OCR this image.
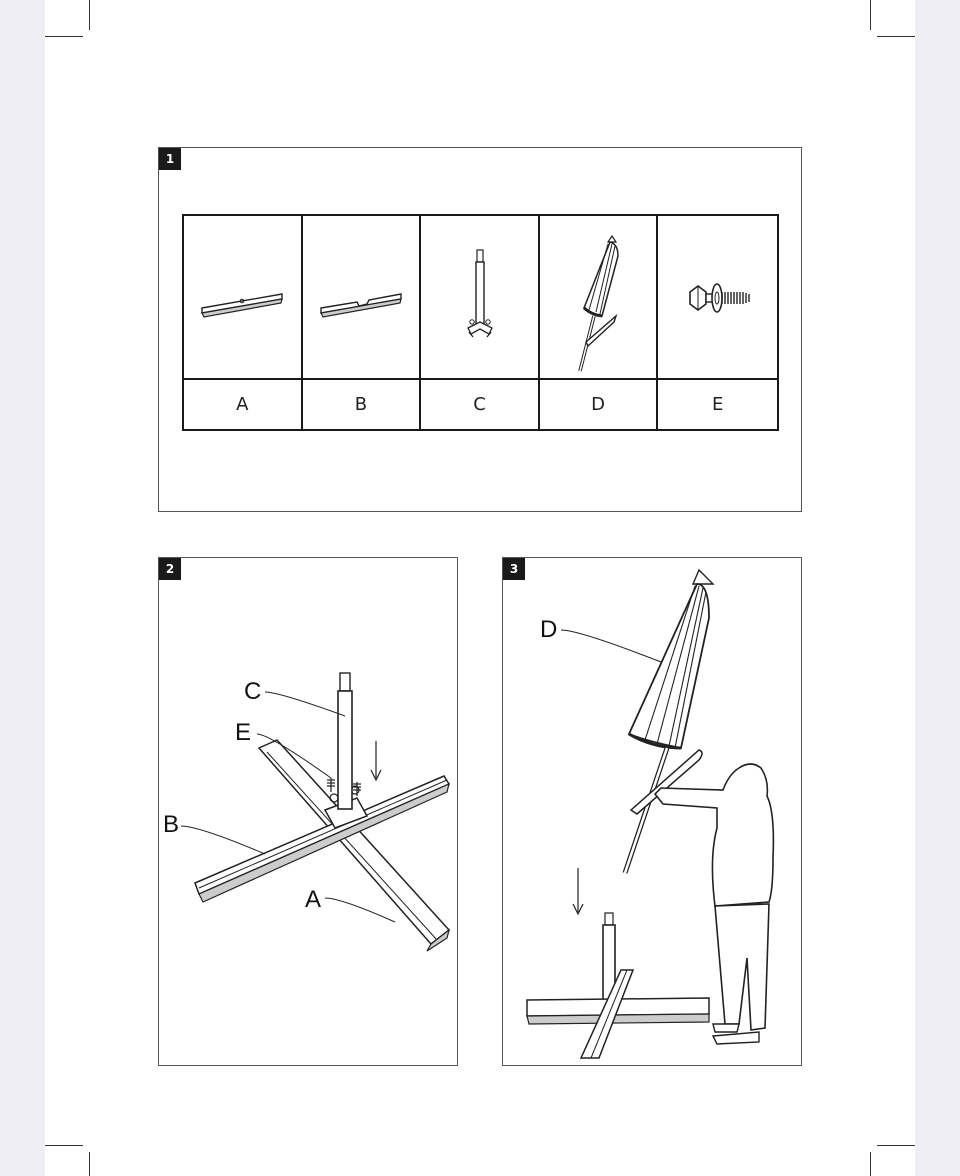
1
A	B	C	D	E
2
C
E
B
A
3
D
